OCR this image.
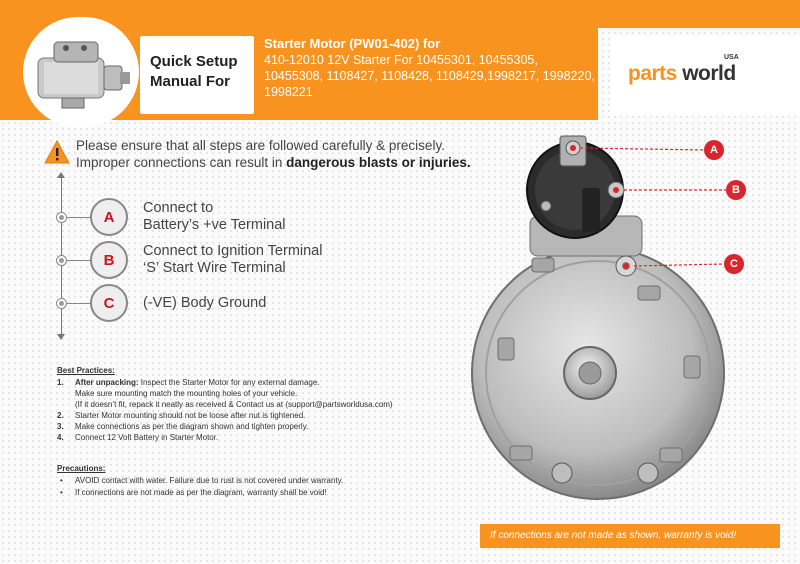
Quick Setup Manual For
Starter Motor (PW01-402) for
410-12010 12V Starter For 10455301, 10455305, 10455308, 1108427, 1108428, 1108429,1998217, 1998220, 1998221
parts world
USA
Please ensure that all steps are followed carefully & precisely.
Improper connections can result in dangerous blasts or injuries.
A
Connect to
Battery’s +ve Terminal
B
Connect to Ignition Terminal
‘S’ Start Wire Terminal
C	(-VE) Body Ground
Best Practices:
1. After unpacking: Inspect the Starter Motor for any external damage.
Make sure mounting match the mounting holes of your vehicle.
(If it doesn’t fit, repack it neatly as received & Contact us at (support@partsworldusa.com)
2. Starter Motor mounting should not be loose after nut is tightened.
3. Make connections as per the diagram shown and tighten properly.
4. Connect 12 Volt Battery in Starter Motor.
Precautions:
• AVOID contact with water. Failure due to rust is not covered under warranty.
• If connections are not made as per the diagram, warranty shall be void!
A
B
C
If connections are not made as shown, warranty is void!
